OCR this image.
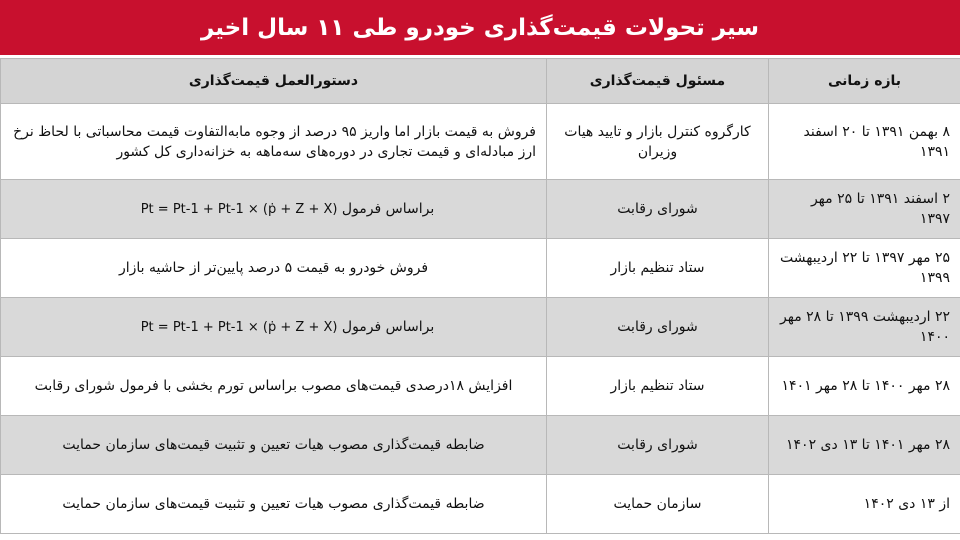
سیر تحولات قیمت‌گذاری خودرو طی ۱۱ سال اخیر
بازه زمانی	مسئول قیمت‌گذاری	دستورالعمل قیمت‌گذاری
۸ بهمن ۱۳۹۱ تا ۲۰ اسفند ۱۳۹۱	کارگروه کنترل بازار و تایید هیات وزیران	فروش به قیمت بازار اما واریز ۹۵ درصد از وجوه مابه‌التفاوت قیمت محاسباتی با لحاظ نرخ ارز مبادله‌ای و قیمت تجاری در دوره‌های سه‌ماهه به خزانه‌داری کل کشور
۲ اسفند ۱۳۹۱ تا ۲۵ مهر ۱۳۹۷	شورای رقابت	براساس فرمول Pt = Pt-1 + Pt-1 × (ṗ + Z + X)
۲۵ مهر ۱۳۹۷ تا ۲۲ اردیبهشت ۱۳۹۹	ستاد تنظیم بازار	فروش خودرو به قیمت ۵ درصد پایین‌تر از حاشیه بازار
۲۲ اردیبهشت ۱۳۹۹ تا ۲۸ مهر ۱۴۰۰	شورای رقابت	براساس فرمول Pt = Pt-1 + Pt-1 × (ṗ + Z + X)
۲۸ مهر ۱۴۰۰ تا ۲۸ مهر ۱۴۰۱	ستاد تنظیم بازار	افزایش ۱۸درصدی قیمت‌های مصوب براساس تورم بخشی با فرمول شورای رقابت
۲۸ مهر ۱۴۰۱ تا ۱۳ دی ۱۴۰۲	شورای رقابت	ضابطه قیمت‌گذاری مصوب هیات تعیین و تثبیت قیمت‌های سازمان حمایت
از ۱۳ دی ۱۴۰۲	سازمان حمایت	ضابطه قیمت‌گذاری مصوب هیات تعیین و تثبیت قیمت‌های سازمان حمایت
